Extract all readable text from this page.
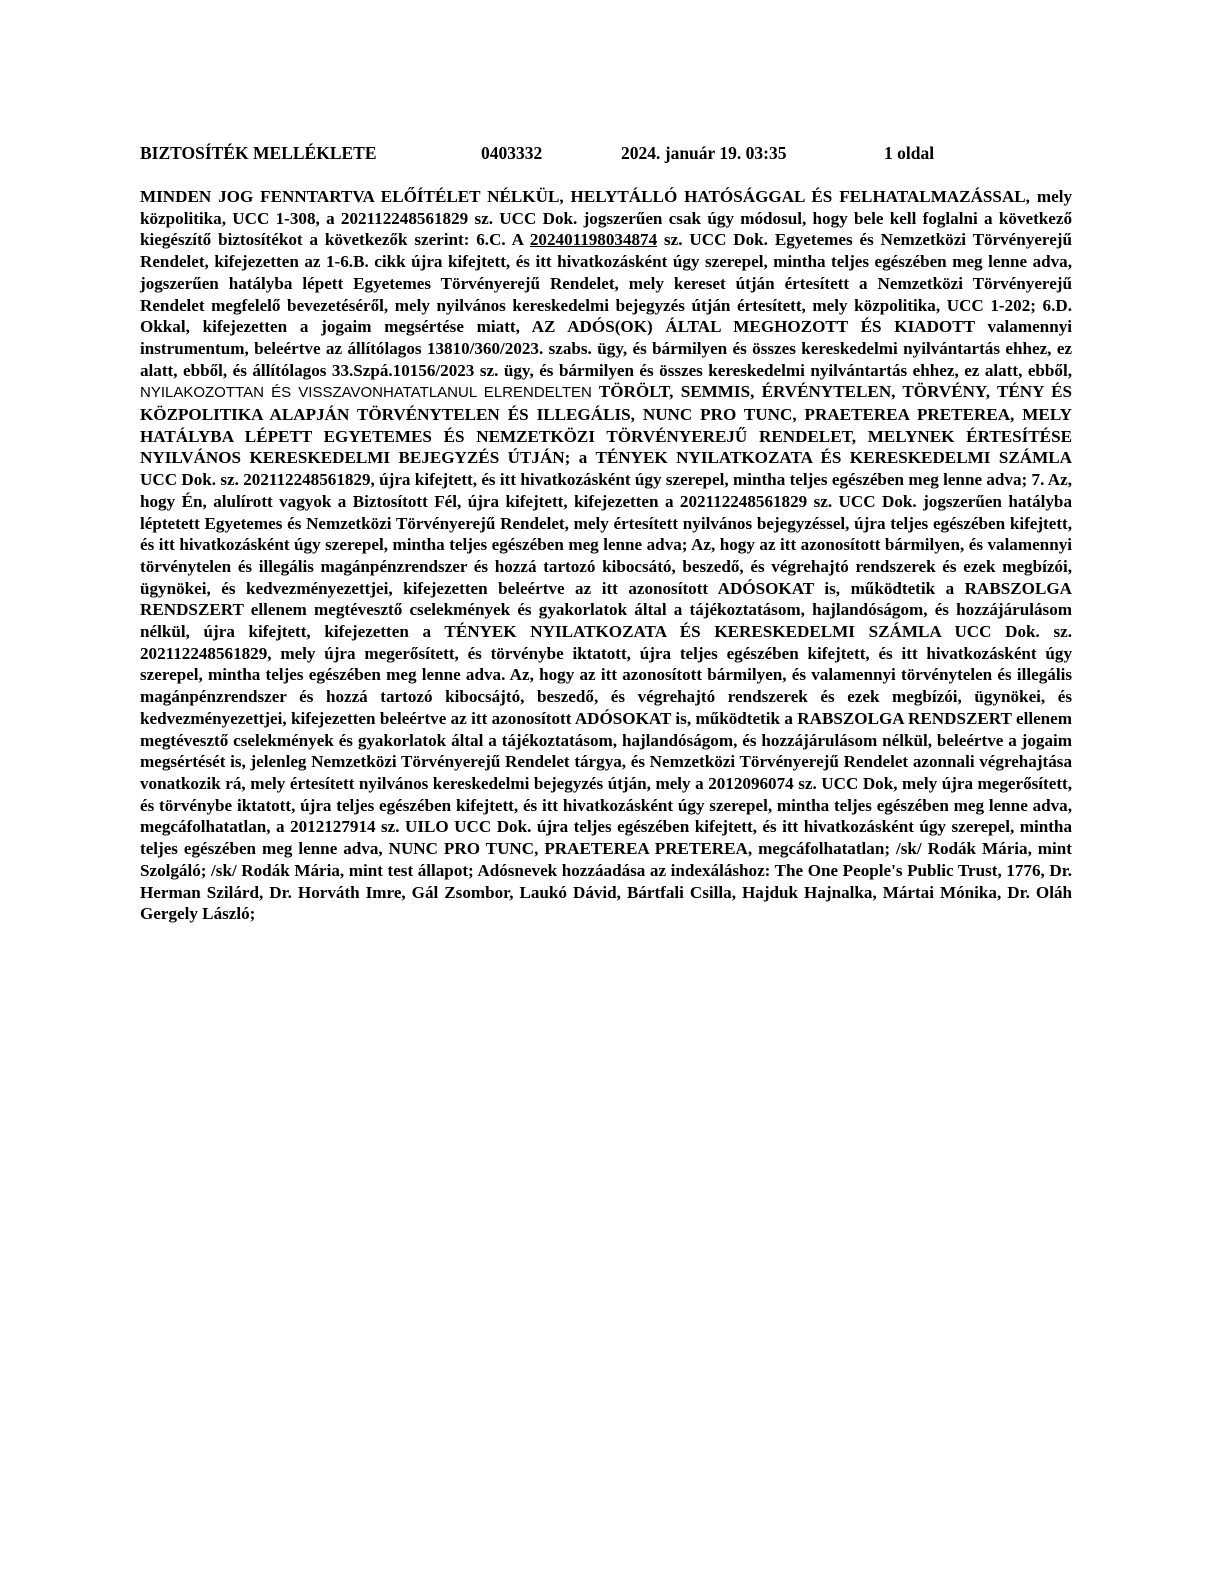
BIZTOSÍTÉK MELLÉKLETE	0403332	2024. január 19. 03:35	1 oldal
MINDEN JOG FENNTARTVA ELŐÍTÉLET NÉLKÜL, HELYTÁLLÓ HATÓSÁGGAL ÉS FELHATALMAZÁSSAL, mely közpolitika, UCC 1-308, a 202112248561829 sz. UCC Dok. jogszerűen csak úgy módosul, hogy bele kell foglalni a következő kiegészítő biztosítékot a következők szerint: 6.C. A 202401198034874 sz. UCC Dok. Egyetemes és Nemzetközi Törvényerejű Rendelet, kifejezetten az 1-6.B. cikk újra kifejtett, és itt hivatkozásként úgy szerepel, mintha teljes egészében meg lenne adva, jogszerűen hatályba lépett Egyetemes Törvényerejű Rendelet, mely kereset útján értesített a Nemzetközi Törvényerejű Rendelet megfelelő bevezetéséről, mely nyilvános kereskedelmi bejegyzés útján értesített, mely közpolitika, UCC 1-202; 6.D. Okkal, kifejezetten a jogaim megsértése miatt, AZ ADÓS(OK) ÁLTAL MEGHOZOTT ÉS KIADOTT valamennyi instrumentum, beleértve az állítólagos 13810/360/2023. szabs. ügy, és bármilyen és összes kereskedelmi nyilvántartás ehhez, ez alatt, ebből, és állítólagos 33.Szpá.10156/2023 sz. ügy, és bármilyen és összes kereskedelmi nyilvántartás ehhez, ez alatt, ebből, NYILAKOZOTTAN ÉS VISSZAVONHATATLANUL ELRENDELTEN TÖRÖLT, SEMMIS, ÉRVÉNYTELEN, TÖRVÉNY, TÉNY ÉS KÖZPOLITIKA ALAPJÁN TÖRVÉNYTELEN ÉS ILLEGÁLIS, NUNC PRO TUNC, PRAETEREA PRETEREA, MELY HATÁLYBA LÉPETT EGYETEMES ÉS NEMZETKÖZI TÖRVÉNYEREJŰ RENDELET, MELYNEK ÉRTESÍTÉSE NYILVÁNOS KERESKEDELMI BEJEGYZÉS ÚTJÁN; a TÉNYEK NYILATKOZATA ÉS KERESKEDELMI SZÁMLA UCC Dok. sz. 202112248561829, újra kifejtett, és itt hivatkozásként úgy szerepel, mintha teljes egészében meg lenne adva; 7. Az, hogy Én, alulírott vagyok a Biztosított Fél, újra kifejtett, kifejezetten a 202112248561829 sz. UCC Dok. jogszerűen hatályba léptetett Egyetemes és Nemzetközi Törvényerejű Rendelet, mely értesített nyilvános bejegyzéssel, újra teljes egészében kifejtett, és itt hivatkozásként úgy szerepel, mintha teljes egészében meg lenne adva; Az, hogy az itt azonosított bármilyen, és valamennyi törvénytelen és illegális magánpénzrendszer és hozzá tartozó kibocsátó, beszedő, és végrehajtó rendszerek és ezek megbízói, ügynökei, és kedvezményezettjei, kifejezetten beleértve az itt azonosított ADÓSOKAT is, működtetik a RABSZOLGA RENDSZERT ellenem megtévesztő cselekmények és gyakorlatok által a tájékoztatásom, hajlandóságom, és hozzájárulásom nélkül, újra kifejtett, kifejezetten a TÉNYEK NYILATKOZATA ÉS KERESKEDELMI SZÁMLA UCC Dok. sz. 202112248561829, mely újra megerősített, és törvénybe iktatott, újra teljes egészében kifejtett, és itt hivatkozásként úgy szerepel, mintha teljes egészében meg lenne adva. Az, hogy az itt azonosított bármilyen, és valamennyi törvénytelen és illegális magánpénzrendszer és hozzá tartozó kibocsájtó, beszedő, és végrehajtó rendszerek és ezek megbízói, ügynökei, és kedvezményezettjei, kifejezetten beleértve az itt azonosított ADÓSOKAT is, működtetik a RABSZOLGA RENDSZERT ellenem megtévesztő cselekmények és gyakorlatok által a tájékoztatásom, hajlandóságom, és hozzájárulásom nélkül, beleértve a jogaim megsértését is, jelenleg Nemzetközi Törvényerejű Rendelet tárgya, és Nemzetközi Törvényerejű Rendelet azonnali végrehajtása vonatkozik rá, mely értesített nyilvános kereskedelmi bejegyzés útján, mely a 2012096074 sz. UCC Dok, mely újra megerősített, és törvénybe iktatott, újra teljes egészében kifejtett, és itt hivatkozásként úgy szerepel, mintha teljes egészében meg lenne adva, megcáfolhatatlan, a 2012127914 sz. UILO UCC Dok. újra teljes egészében kifejtett, és itt hivatkozásként úgy szerepel, mintha teljes egészében meg lenne adva, NUNC PRO TUNC, PRAETEREA PRETEREA, megcáfolhatatlan; /sk/ Rodák Mária, mint Szolgáló; /sk/ Rodák Mária, mint test állapot; Adósnevek hozzáadása az indexáláshoz: The One People's Public Trust, 1776, Dr. Herman Szilárd, Dr. Horváth Imre, Gál Zsombor, Laukó Dávid, Bártfali Csilla, Hajduk Hajnalka, Mártai Mónika, Dr. Oláh Gergely László;
